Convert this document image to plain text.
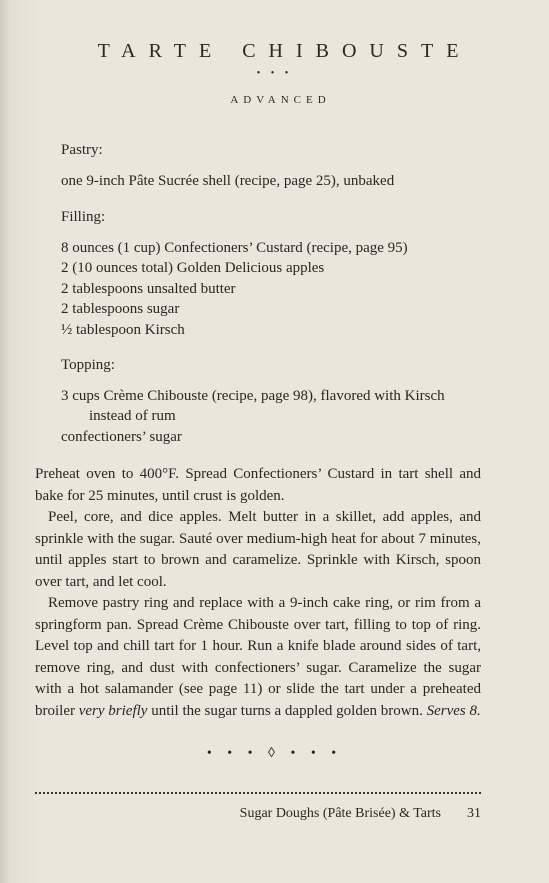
TARTE CHIBOUSTE
• • •
ADVANCED

Pastry:

one 9-inch Pâte Sucrée shell (recipe, page 25), unbaked

Filling:

8 ounces (1 cup) Confectioners’ Custard (recipe, page 95)

2 (10 ounces total) Golden Delicious apples

2 tablespoons unsalted butter

2 tablespoons sugar

½ tablespoon Kirsch

Topping:

3 cups Crème Chibouste (recipe, page 98), flavored with Kirsch

instead of rum

confectioners’ sugar

Preheat oven to 400°F. Spread Confectioners’ Custard in tart shell and bake for 25 minutes, until crust is golden.

Peel, core, and dice apples. Melt butter in a skillet, add apples, and sprinkle with the sugar. Sauté over medium-high heat for about 7 minutes, until apples start to brown and caramelize. Sprinkle with Kirsch, spoon over tart, and let cool.

Remove pastry ring and replace with a 9-inch cake ring, or rim from a springform pan. Spread Crème Chibouste over tart, filling to top of ring. Level top and chill tart for 1 hour. Run a knife blade around sides of tart, remove ring, and dust with confectioners’ sugar. Caramelize the sugar with a hot salamander (see page 11) or slide the tart under a preheated broiler very briefly until the sugar turns a dappled golden brown. Serves 8.

• • • ◊ • • •
Sugar Doughs (Pâte Brisée) & Tarts 31
